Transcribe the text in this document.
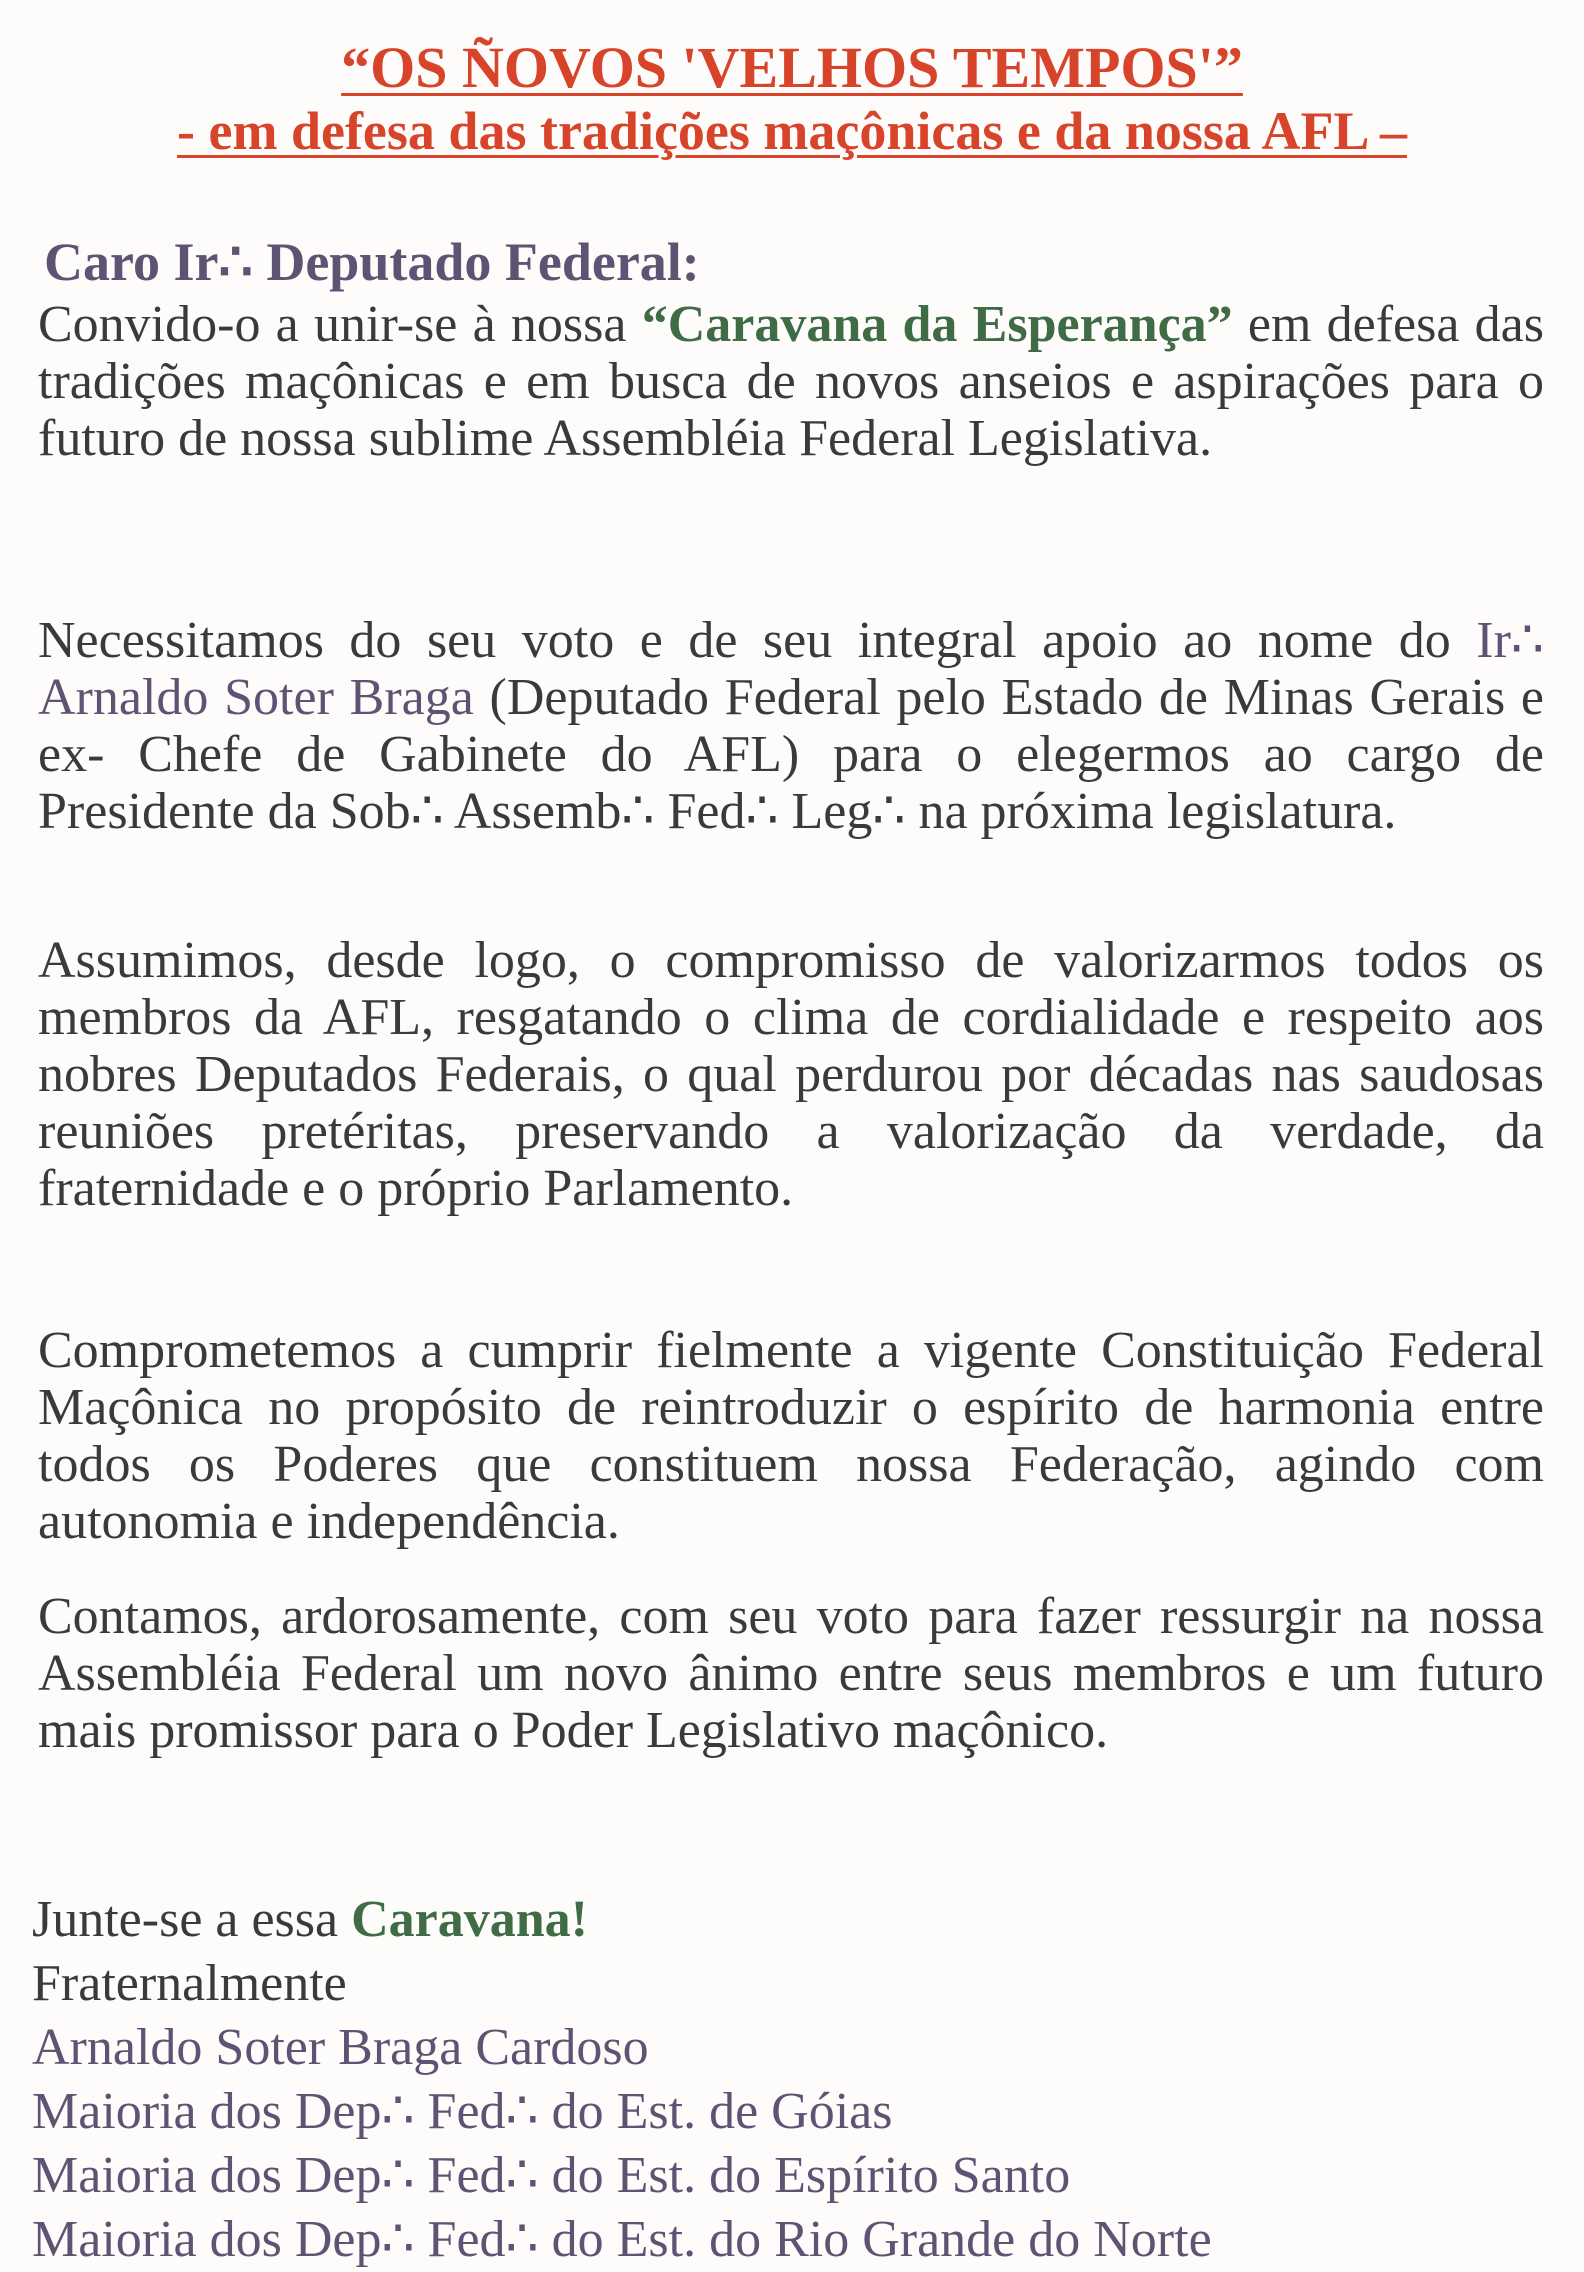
“OS ÑOVOS 'VELHOS TEMPOS'”
- em defesa das tradições maçônicas e da nossa AFL –
Caro Ir∴ Deputado Federal:
Convido-o a unir-se à nossa “Caravana da Esperança” em defesa das tradições maçônicas e em busca de novos anseios e aspirações para o futuro de nossa sublime Assembléia Federal Legislativa.
Necessitamos do seu voto e de seu integral apoio ao nome do Ir∴ Arnaldo Soter Braga (Deputado Federal pelo Estado de Minas Gerais e ex- Chefe de Gabinete do AFL) para o elegermos ao cargo de Presidente da Sob∴ Assemb∴ Fed∴ Leg∴ na próxima legislatura.
Assumimos, desde logo, o compromisso de valorizarmos todos os membros da AFL, resgatando o clima de cordialidade e respeito aos nobres Deputados Federais, o qual perdurou por décadas nas saudosas reuniões pretéritas, preservando a valorização da verdade, da fraternidade e o próprio Parlamento.
Comprometemos a cumprir fielmente a vigente Constituição Federal Maçônica no propósito de reintroduzir o espírito de harmonia entre todos os Poderes que constituem nossa Federação, agindo com autonomia e independência.
Contamos, ardorosamente, com seu voto para fazer ressurgir na nossa Assembléia Federal um novo ânimo entre seus membros e um futuro mais promissor para o Poder Legislativo maçônico.
Junte-se a essa Caravana!
Fraternalmente
Arnaldo Soter Braga Cardoso
Maioria dos Dep∴ Fed∴ do Est. de Góias
Maioria dos Dep∴ Fed∴ do Est. do Espírito Santo
Maioria dos Dep∴ Fed∴ do Est. do Rio Grande do Norte
